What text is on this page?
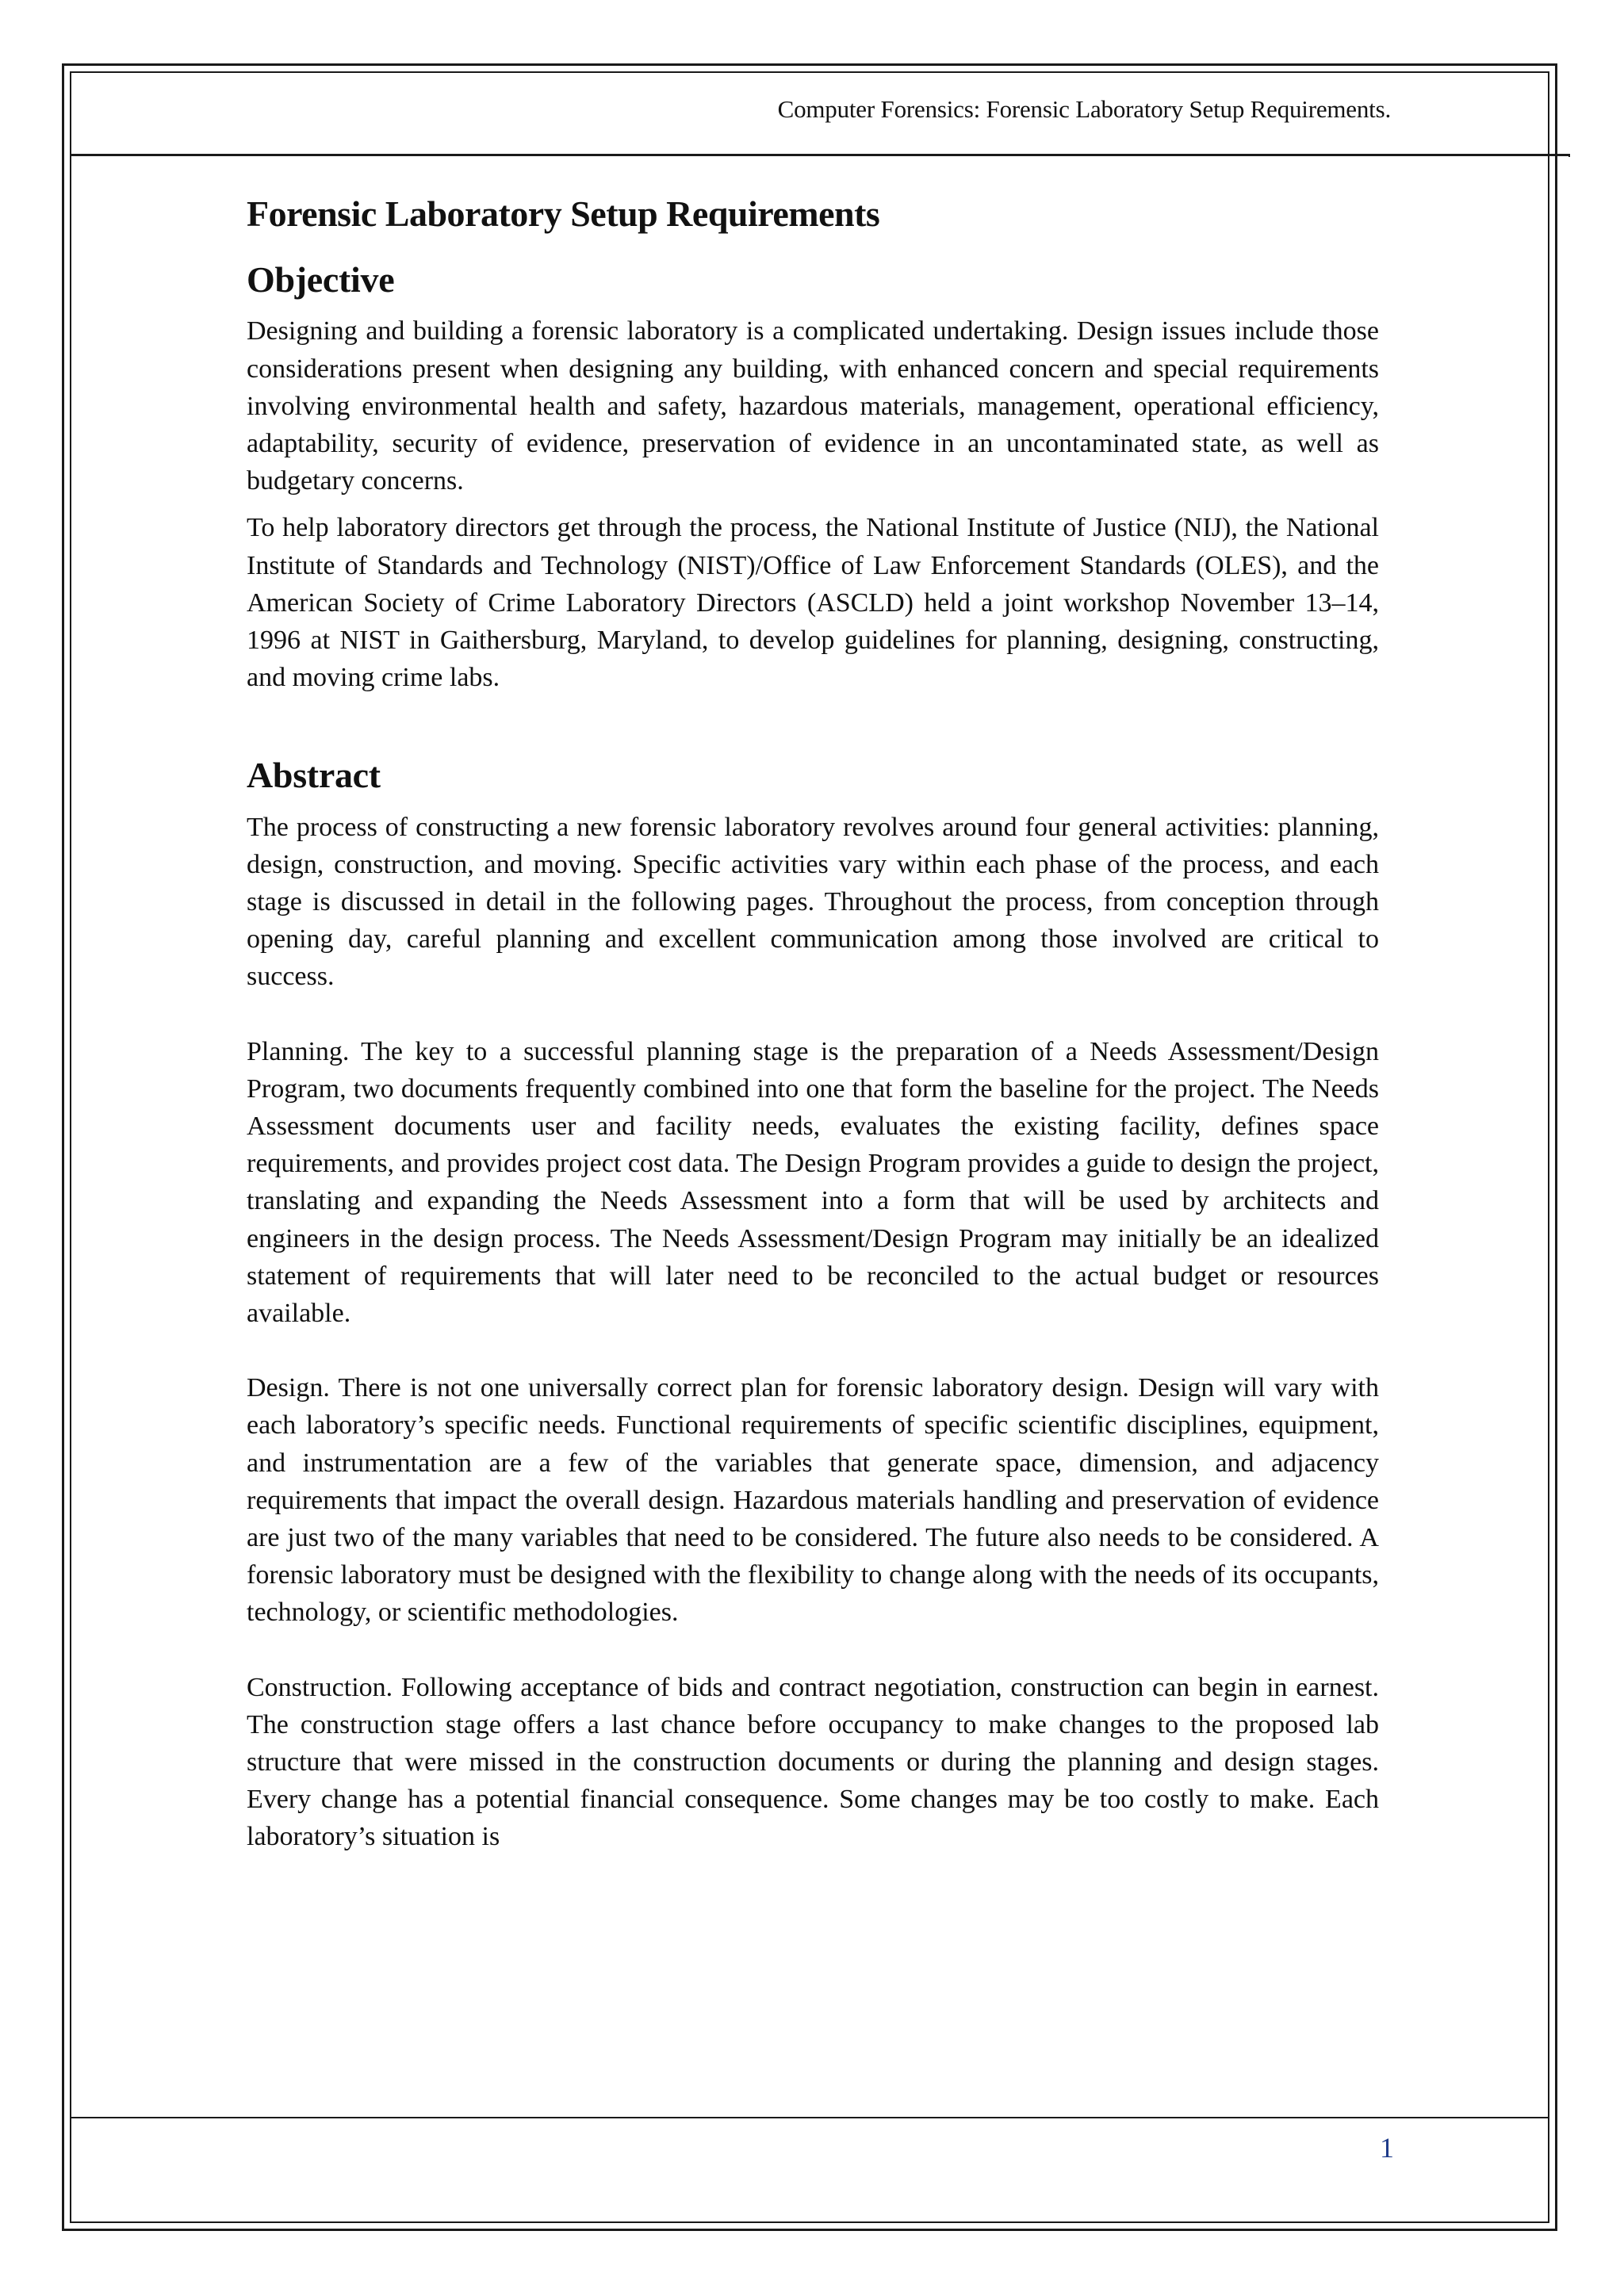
Computer Forensics: Forensic Laboratory Setup Requirements.
Forensic Laboratory Setup Requirements
Objective

Designing and building a forensic laboratory is a complicated undertaking. Design issues include those considerations present when designing any building, with enhanced concern and special requirements involving environmental health and safety, hazardous materials, management, operational efficiency, adaptability, security of evidence, preservation of evidence in an uncontaminated state, as well as budgetary concerns.

To help laboratory directors get through the process, the National Institute of Justice (NIJ), the National Institute of Standards and Technology (NIST)/Office of Law Enforcement Standards (OLES), and the American Society of Crime Laboratory Directors (ASCLD) held a joint workshop November 13–14, 1996 at NIST in Gaithersburg, Maryland, to develop guidelines for planning, designing, constructing, and moving crime labs.

Abstract

The process of constructing a new forensic laboratory revolves around four general activities: planning, design, construction, and moving. Specific activities vary within each phase of the process, and each stage is discussed in detail in the following pages. Throughout the process, from conception through opening day, careful planning and excellent communication among those involved are critical to success.

Planning. The key to a successful planning stage is the preparation of a Needs Assessment/Design Program, two documents frequently combined into one that form the baseline for the project. The Needs Assessment documents user and facility needs, evaluates the existing facility, defines space requirements, and provides project cost data. The Design Program provides a guide to design the project, translating and expanding the Needs Assessment into a form that will be used by architects and engineers in the design process. The Needs Assessment/Design Program may initially be an idealized statement of requirements that will later need to be reconciled to the actual budget or resources available.

Design. There is not one universally correct plan for forensic laboratory design. Design will vary with each laboratory’s specific needs. Functional requirements of specific scientific disciplines, equipment, and instrumentation are a few of the variables that generate space, dimension, and adjacency requirements that impact the overall design. Hazardous materials handling and preservation of evidence are just two of the many variables that need to be considered. The future also needs to be considered. A forensic laboratory must be designed with the flexibility to change along with the needs of its occupants, technology, or scientific methodologies.

Construction. Following acceptance of bids and contract negotiation, construction can begin in earnest. The construction stage offers a last chance before occupancy to make changes to the proposed lab structure that were missed in the construction documents or during the planning and design stages. Every change has a potential financial consequence. Some changes may be too costly to make. Each laboratory’s situation is

1
